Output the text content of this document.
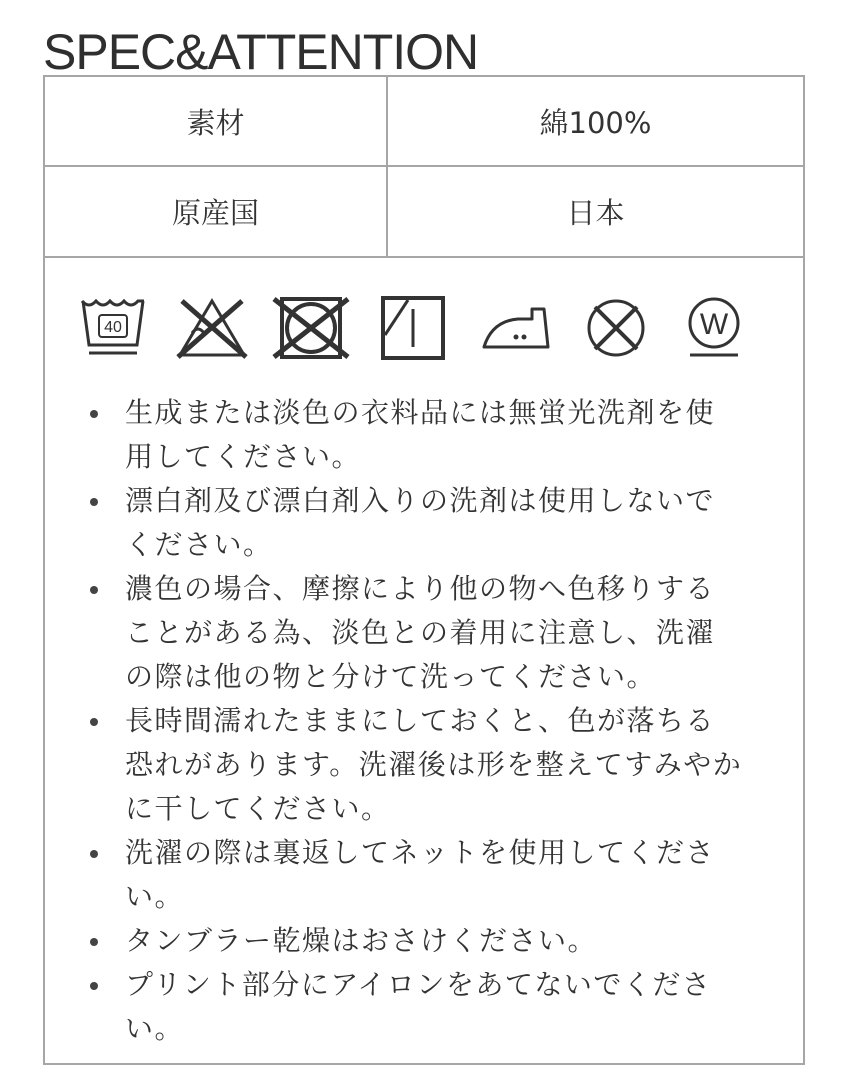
SPEC&ATTENTION
素材	綿100%
原産国	日本
40	W
生成または淡色の衣料品には無蛍光洗剤を使用してください。
漂白剤及び漂白剤入りの洗剤は使用しないでください。
濃色の場合、摩擦により他の物へ色移りすることがある為、淡色との着用に注意し、洗濯の際は他の物と分けて洗ってください。
長時間濡れたままにしておくと、色が落ちる恐れがあります。洗濯後は形を整えてすみやかに干してください。
洗濯の際は裏返してネットを使用してください。
タンブラー乾燥はおさけください。
プリント部分にアイロンをあてないでください。
